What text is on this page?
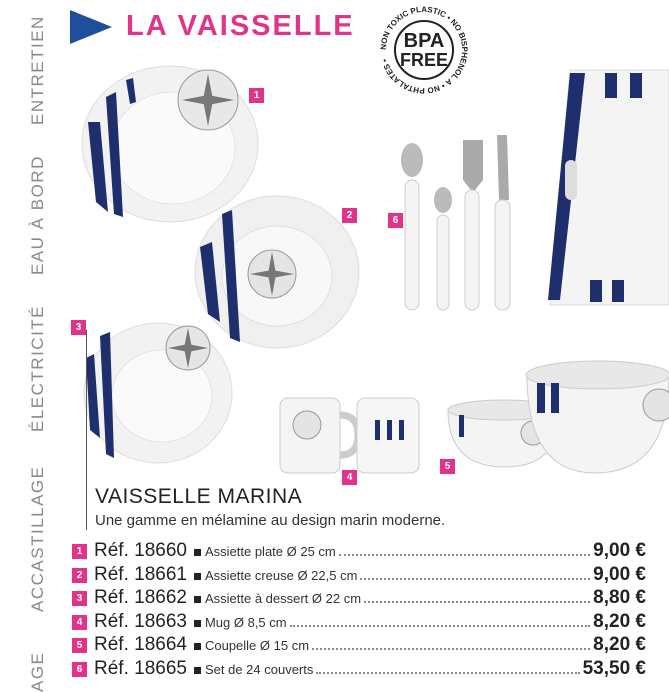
ENTRETIEN
EAU À BORD
ÉLECTRICITÉ
ACCASTILLAGE
AGE
LA VAISSELLE
NON TOXIC PLASTIC • NO BISPHENOL A • NO PHTALATES •
BPA
FREE
1
2
3
4
5
6
VAISSELLE MARINA
Une gamme en mélamine au design marin moderne.
1 Réf. 18660 Assiette plate Ø 25 cm	9,00 €
2 Réf. 18661 Assiette creuse Ø 22,5 cm	9,00 €
3 Réf. 18662 Assiette à dessert Ø 22 cm	8,80 €
4 Réf. 18663 Mug Ø 8,5 cm	8,20 €
5 Réf. 18664 Coupelle Ø 15 cm	8,20 €
6 Réf. 18665 Set de 24 couverts	53,50 €
